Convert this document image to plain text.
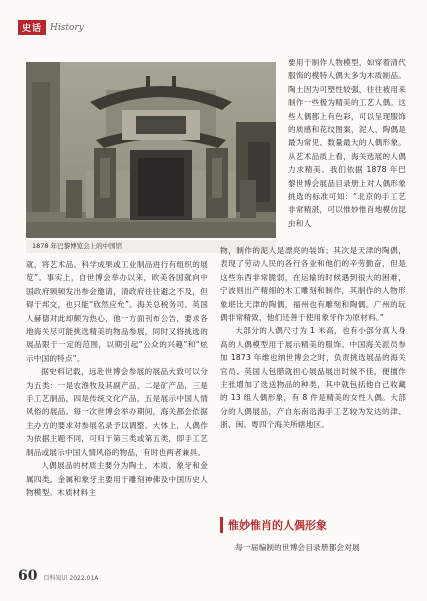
史话 History
1878 年巴黎博览会上的中国馆

要用于制作人物模型，如穿着清代服饰的模特人偶大多为木质制品。陶土因为可塑性较强，往往被用来制作一些极为精美的工艺人偶。这些人偶都上有色彩，可以呈现服饰的质感和花纹图案，泥人、陶偶是最为常见、数量最大的人偶形象。从艺术品质上看，海关选展的人偶力求精美。我们依据 1878 年巴黎世博会展品目录册上对人偶形象挑选的标准可知：“北京的手工艺非常精湛，可以惟妙惟肖地模仿昆虫和人

就，将艺术品、科学成果或工业制品进行有组织的展览”。事实上，自世博会举办以来，欧美各国就向中国政府频频发出参会邀请，清政府往往避之不及，但碍于邦交，也只能“欣然应允”。海关总税务司、英国人赫德对此却颇为热心，他一方面刊布公告，要求各地海关尽可能挑选精美的物品参展，同时又将挑选的展品限于一定的范围，以期引起“公众的兴趣”和“炫示中国的特点”。

据史料记载，远赴世博会参展的展品大致可以分为五类：一是农渔牧及其副产品，二是矿产品，三是手工艺制品，四是传统文化产品，五是展示中国人情风俗的展品。每一次世博会举办期间，海关都会依据主办方的要求对参展名录予以调整。大体上，人偶作为依据主题不同，可归于第三类或第五类，即手工艺制品或展示中国人情风俗的物品，有时也两者兼具。

人偶展品的材质主要分为陶土、木质、象牙和金属四类。金属和象牙主要用于雕刻神佛及中国历史人物模型。木质材料主

物，制作的泥人是漂亮的装饰；其次是天津的陶偶，表现了劳动人民的各行各业和他们的辛劳勤奋，但是这些东西非常脆弱，在运输的时候遇到很大的困难，宁波则出产精细的木工雕刻和制作，其制作的人物形象堪比天津的陶偶，福州也有雕刻和陶偶。广州的玩偶非常精致，他们还善于使用象牙作为原材料。”

大部分的人偶尺寸为 1 米高，也有小部分真人身高的人偶模型用于展示精美的服饰。中国海关派员参加 1873 年维也纳世博会之时，负责挑选展品的海关官员、英国人包腊就担心展品展出时候不佳，便擅作主张增加了选送物品的种类，其中就包括他自己收藏的 13 组人偶形象，有 8 件是精美的女性人偶。大部分的人偶展品，产自东南沿海手工艺较为发达的津、浙、闽、粤四个海关所辖地区。

惟妙惟肖的人偶形象

每一届编制的世博会目录册都会对展

60 百科知识 2022.01A
